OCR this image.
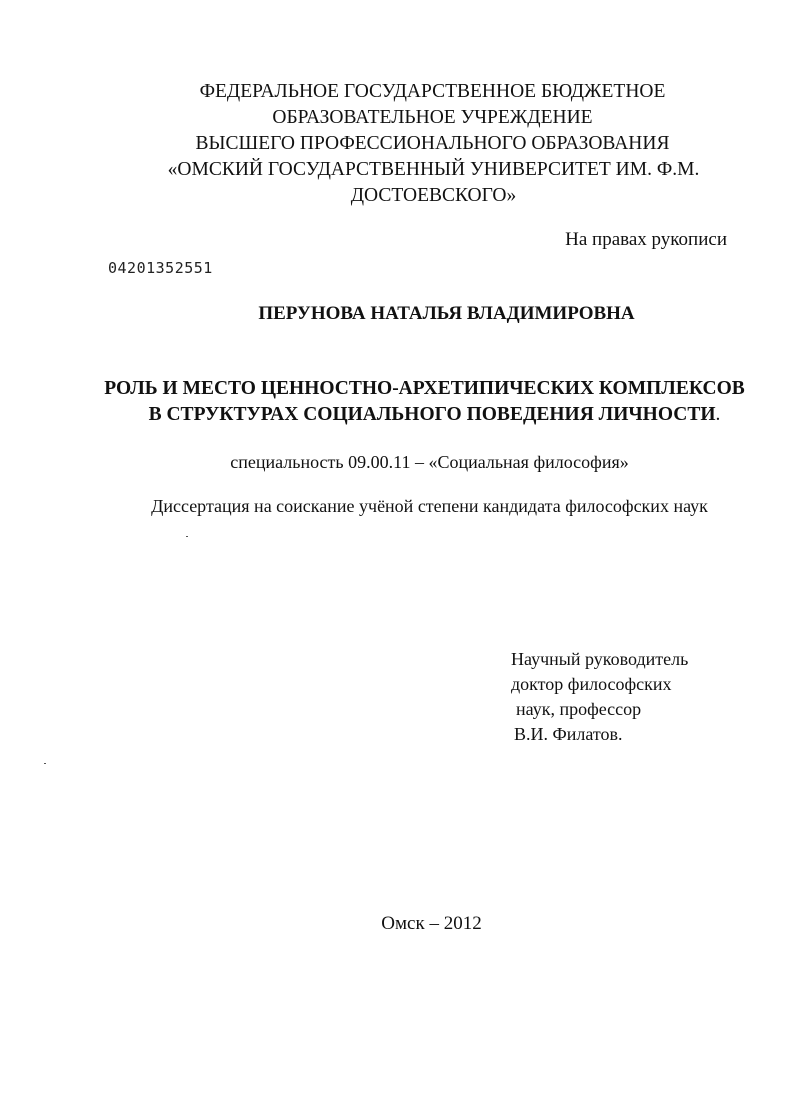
ФЕДЕРАЛЬНОЕ ГОСУДАРСТВЕННОЕ БЮДЖЕТНОЕ
ОБРАЗОВАТЕЛЬНОЕ УЧРЕЖДЕНИЕ
ВЫСШЕГО ПРОФЕССИОНАЛЬНОГО ОБРАЗОВАНИЯ
«ОМСКИЙ ГОСУДАРСТВЕННЫЙ УНИВЕРСИТЕТ ИМ. Ф.М.
ДОСТОЕВСКОГО»
На правах рукописи
04201352551
ПЕРУНОВА НАТАЛЬЯ ВЛАДИМИРОВНА
РОЛЬ И МЕСТО ЦЕННОСТНО-АРХЕТИПИЧЕСКИХ КОМПЛЕКСОВ
В СТРУКТУРАХ СОЦИАЛЬНОГО ПОВЕДЕНИЯ ЛИЧНОСТИ.
специальность 09.00.11 – «Социальная философия»
Диссертация на соискание учёной степени кандидата философских наук
Научный руководитель
доктор философских
наук, профессор
В.И. Филатов.
Омск – 2012
